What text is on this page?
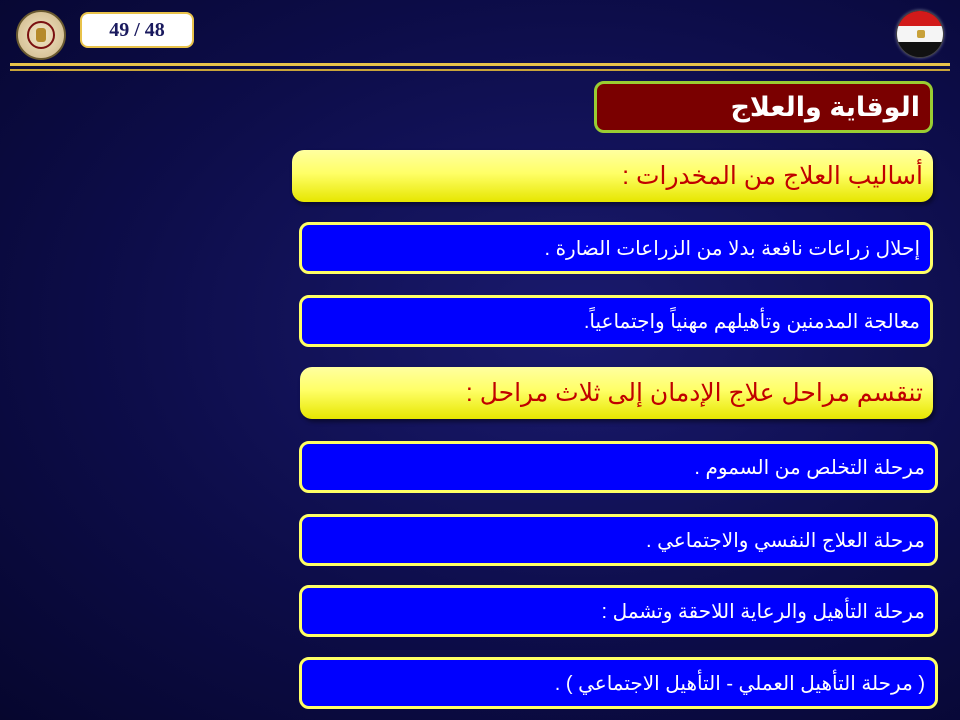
49 / 48
الوقاية والعلاج
أساليب العلاج من المخدرات :
إحلال زراعات نافعة بدلا من الزراعات الضارة .
معالجة المدمنين وتأهيلهم مهنياً واجتماعياً.
تنقسم مراحل علاج الإدمان إلى ثلاث مراحل :
مرحلة التخلص من السموم .
مرحلة العلاج النفسي والاجتماعي .
مرحلة التأهيل والرعاية اللاحقة وتشمل :
( مرحلة التأهيل العملي - التأهيل الاجتماعي ) .
